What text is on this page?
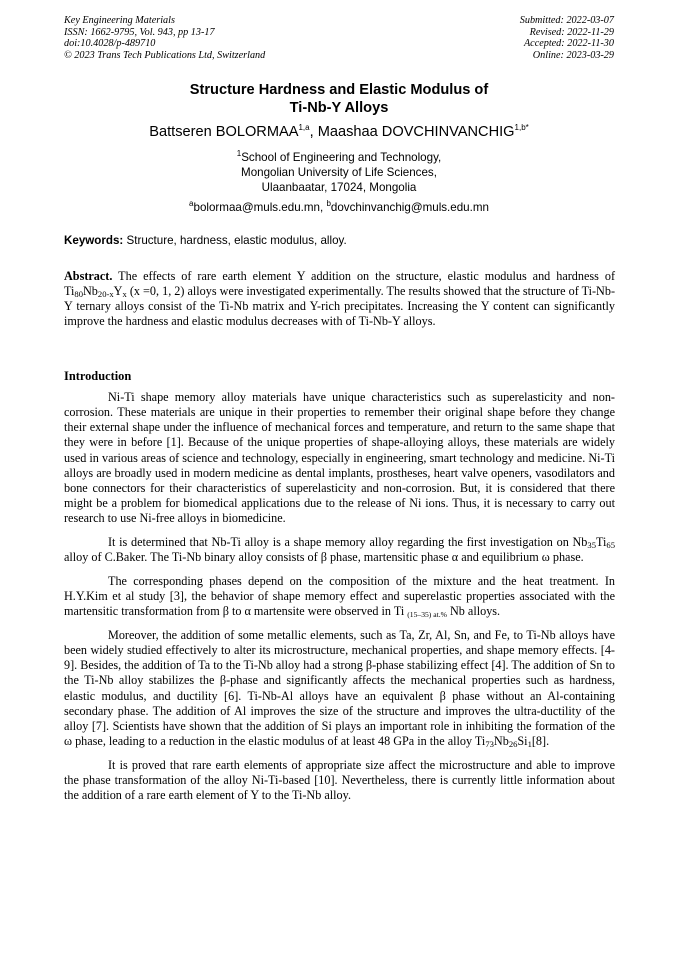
Key Engineering Materials
ISSN: 1662-9795, Vol. 943, pp 13-17
doi:10.4028/p-489710
© 2023 Trans Tech Publications Ltd, Switzerland
Submitted: 2022-03-07
Revised: 2022-11-29
Accepted: 2022-11-30
Online: 2023-03-29
Structure Hardness and Elastic Modulus of
Ti-Nb-Y Alloys
Battseren BOLORMAA$^{1,a}$, Maashaa $DOVCHINVANCHIG^{1,b*}$
$^1$School of Engineering and Technology,
Mongolian University of Life Sciences,
Ulaanbaatar, 17024, Mongolia
$^a$bolormaa@muls.edu.mn, $^b$dovchinvanchig@muls.edu.mn
Keywords: Structure, hardness, elastic modulus, alloy.
Abstract. The effects of rare earth element Y addition on the structure, elastic modulus and hardness of $Ti_{80}Nb_{20-x}Y_x$ (x =0, 1, 2) alloys were investigated experimentally. The results showed that the structure of Ti-Nb-Y ternary alloys consist of the Ti-Nb matrix and Y-rich precipitates. Increasing the Y content can significantly improve the hardness and elastic modulus decreases with of Ti-Nb-Y alloys.
Introduction

Ni-Ti shape memory alloy materials have unique characteristics such as superelasticity and non-corrosion. These materials are unique in their properties to remember their original shape before they change their external shape under the influence of mechanical forces and temperature, and return to the same shape that they were in before [1]. Because of the unique properties of shape-alloying alloys, these materials are widely used in various areas of science and technology, especially in engineering, smart technology and medicine. Ni-Ti alloys are broadly used in modern medicine as dental implants, prostheses, heart valve openers, vasodilators and bone connectors for their characteristics of superelasticity and non-corrosion. But, it is considered that there might be a problem for biomedical applications due to the release of Ni ions. Thus, it is necessary to carry out research to use Ni-free alloys in biomedicine.

It is determined that Nb-Ti alloy is a shape memory alloy regarding the first investigation on $Nb_{35}Ti_{65}$ alloy of C.Baker. The Ti-Nb binary alloy consists of β phase, martensitic phase α and equilibrium ω phase.

The corresponding phases depend on the composition of the mixture and the heat treatment. In H.Y.Kim et al study [3], the behavior of shape memory effect and superelastic properties associated with the martensitic transformation from β to α martensite were observed in Ti (15–35) at.% Nb alloys.

Moreover, the addition of some metallic elements, such as Ta, Zr, Al, Sn, and Fe, to Ti-Nb alloys have been widely studied effectively to alter its microstructure, mechanical properties, and shape memory effects. [4-9]. Besides, the addition of Ta to the Ti-Nb alloy had a strong β-phase stabilizing effect [4]. The addition of Sn to the Ti-Nb alloy stabilizes the β-phase and significantly affects the mechanical properties such as hardness, elastic modulus, and ductility [6]. Ti-Nb-Al alloys have an equivalent β phase without an Al-containing secondary phase. The addition of Al improves the size of the structure and improves the ultra-ductility of the alloy [7]. Scientists have shown that the addition of Si plays an important role in inhibiting the formation of the ω phase, leading to a reduction in the elastic modulus of at least 48 GPa in the alloy $Ti_{73}Nb_{26}Si_1[8]$.

It is proved that rare earth elements of appropriate size affect the microstructure and able to improve the phase transformation of the alloy Ni-Ti-based [10]. Nevertheless, there is currently little information about the addition of a rare earth element of Y to the Ti-Nb alloy.
